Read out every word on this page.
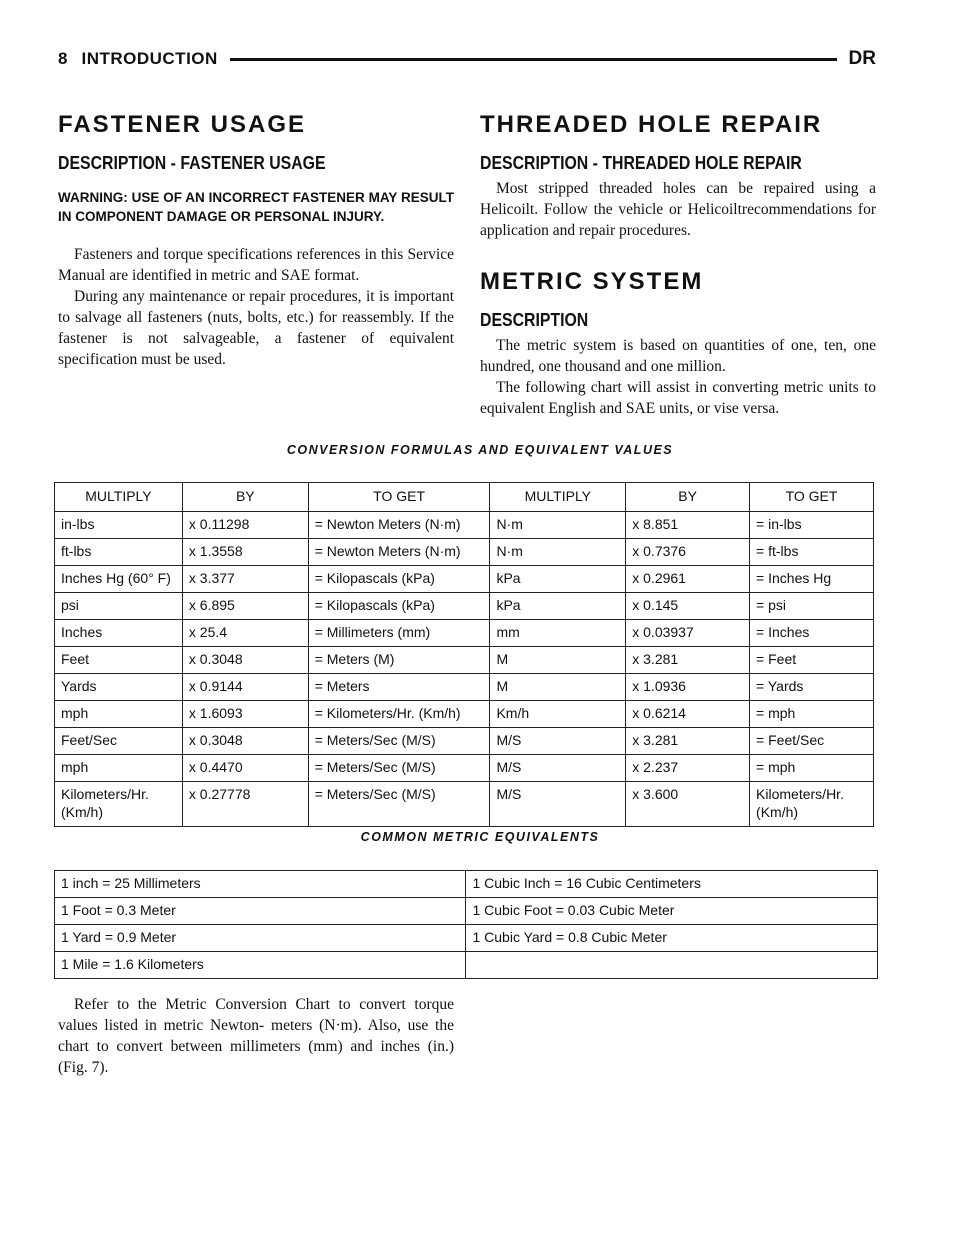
8 INTRODUCTION	DR
FASTENER USAGE
DESCRIPTION - FASTENER USAGE
WARNING: USE OF AN INCORRECT FASTENER MAY RESULT IN COMPONENT DAMAGE OR PERSONAL INJURY.

Fasteners and torque specifications references in this Service Manual are identified in metric and SAE format.

During any maintenance or repair procedures, it is important to salvage all fasteners (nuts, bolts, etc.) for reassembly. If the fastener is not salvageable, a fastener of equivalent specification must be used.

THREADED HOLE REPAIR
DESCRIPTION - THREADED HOLE REPAIR

Most stripped threaded holes can be repaired using a Helicoilt. Follow the vehicle or Helicoiltrecommendations for application and repair procedures.

METRIC SYSTEM
DESCRIPTION

The metric system is based on quantities of one, ten, one hundred, one thousand and one million.

The following chart will assist in converting metric units to equivalent English and SAE units, or vise versa.

CONVERSION FORMULAS AND EQUIVALENT VALUES
MULTIPLY	BY	TO GET	MULTIPLY	BY	TO GET
in-lbs	x 0.11298	= Newton Meters (N·m)	N·m	x 8.851	= in-lbs
ft-lbs	x 1.3558	= Newton Meters (N·m)	N·m	x 0.7376	= ft-lbs
Inches Hg (60° F)	x 3.377	= Kilopascals (kPa)	kPa	x 0.2961	= Inches Hg
psi	x 6.895	= Kilopascals (kPa)	kPa	x 0.145	= psi
Inches	x 25.4	= Millimeters (mm)	mm	x 0.03937	= Inches
Feet	x 0.3048	= Meters (M)	M	x 3.281	= Feet
Yards	x 0.9144	= Meters	M	x 1.0936	= Yards
mph	x 1.6093	= Kilometers/Hr. (Km/h)	Km/h	x 0.6214	= mph
Feet/Sec	x 0.3048	= Meters/Sec (M/S)	M/S	x 3.281	= Feet/Sec
mph	x 0.4470	= Meters/Sec (M/S)	M/S	x 2.237	= mph
Kilometers/Hr. (Km/h)	x 0.27778	= Meters/Sec (M/S)	M/S	x 3.600	Kilometers/Hr. (Km/h)
COMMON METRIC EQUIVALENTS
1 inch = 25 Millimeters	1 Cubic Inch = 16 Cubic Centimeters
1 Foot = 0.3 Meter	1 Cubic Foot = 0.03 Cubic Meter
1 Yard = 0.9 Meter	1 Cubic Yard = 0.8 Cubic Meter
1 Mile = 1.6 Kilometers	

Refer to the Metric Conversion Chart to convert torque values listed in metric Newton- meters (N·m). Also, use the chart to convert between millimeters (mm) and inches (in.) (Fig. 7).
